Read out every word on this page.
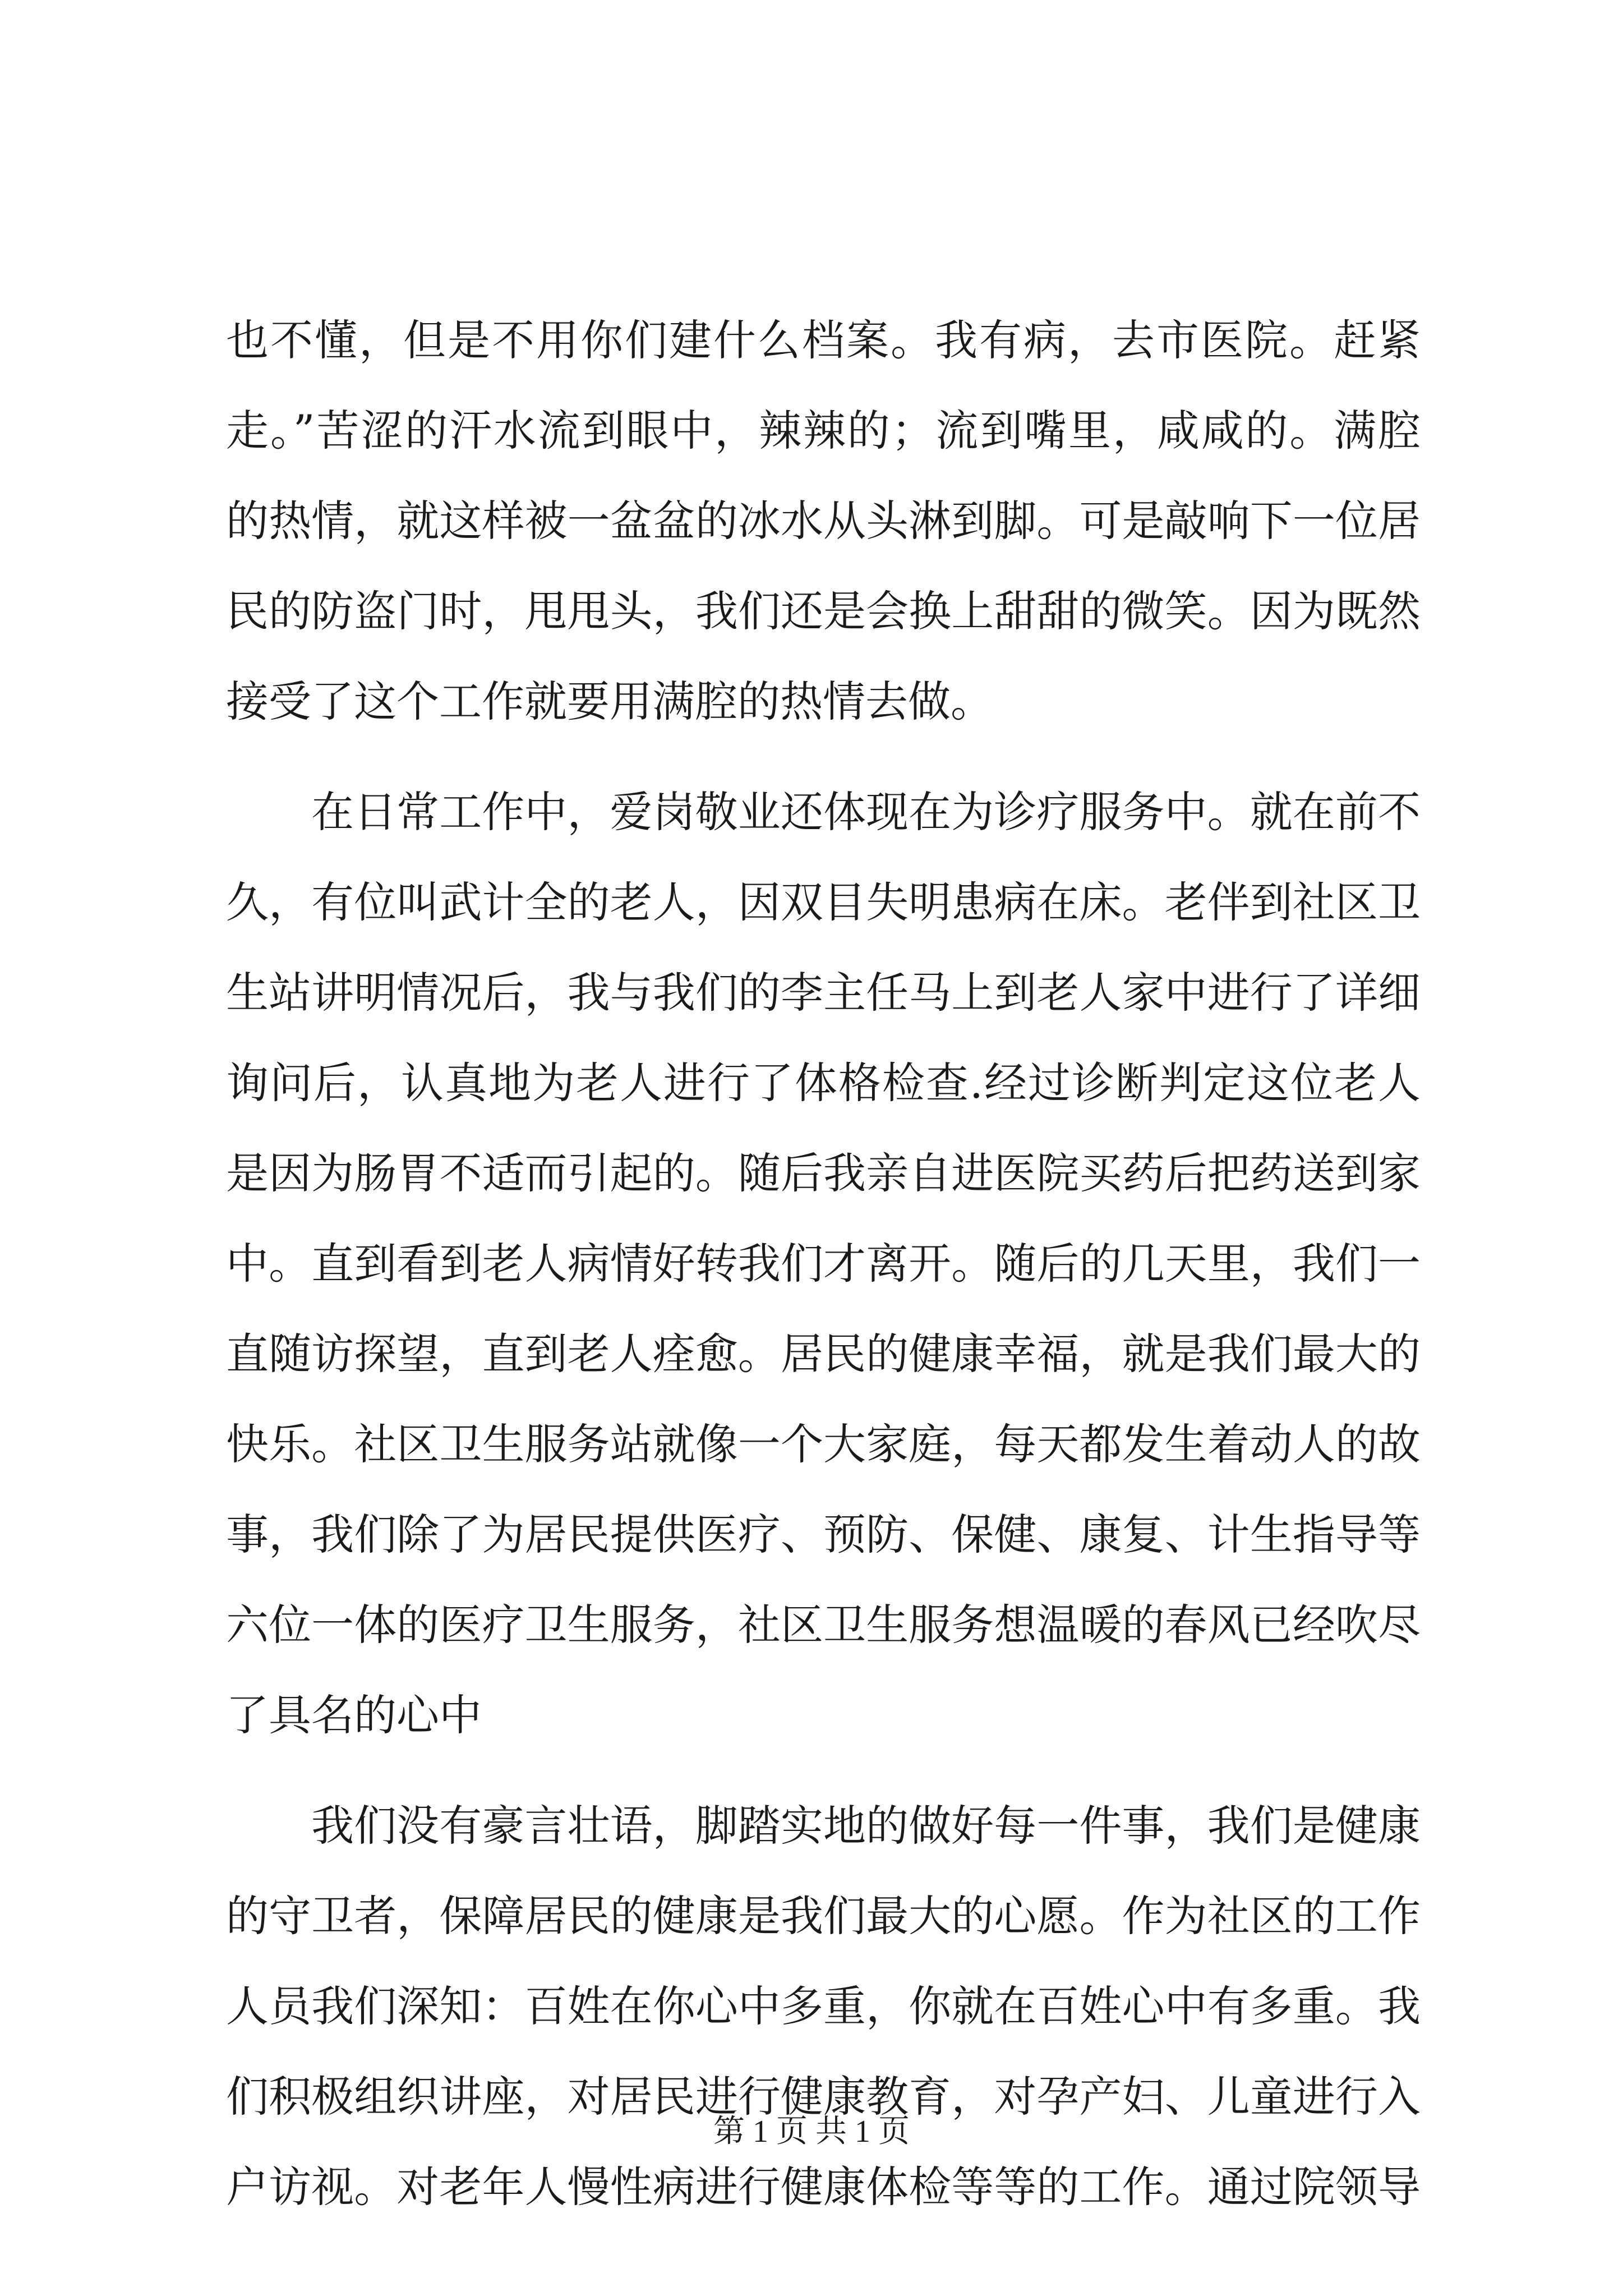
也不懂，但是不用你们建什么档案。我有病，去市医院。赶紧
走。”苦涩的汗水流到眼中，辣辣的；流到嘴里，咸咸的。满腔
的热情，就这样被一盆盆的冰水从头淋到脚。可是敲响下一位居
民的防盗门时，甩甩头，我们还是会换上甜甜的微笑。因为既然
接受了这个工作就要用满腔的热情去做。
在日常工作中，爱岗敬业还体现在为诊疗服务中。就在前不
久，有位叫武计全的老人，因双目失明患病在床。老伴到社区卫
生站讲明情况后，我与我们的李主任马上到老人家中进行了详细
询问后，认真地为老人进行了体格检查.经过诊断判定这位老人
是因为肠胃不适而引起的。随后我亲自进医院买药后把药送到家
中。直到看到老人病情好转我们才离开。随后的几天里，我们一
直随访探望，直到老人痊愈。居民的健康幸福，就是我们最大的
快乐。社区卫生服务站就像一个大家庭，每天都发生着动人的故
事，我们除了为居民提供医疗、预防、保健、康复、计生指导等
六位一体的医疗卫生服务，社区卫生服务想温暖的春风已经吹尽
了具名的心中
我们没有豪言壮语，脚踏实地的做好每一件事，我们是健康
的守卫者，保障居民的健康是我们最大的心愿。作为社区的工作
人员我们深知：百姓在你心中多重，你就在百姓心中有多重。我
们积极组织讲座，对居民进行健康教育，对孕产妇、儿童进行入
户访视。对老年人慢性病进行健康体检等等的工作。通过院领导
第 1 页 共 1 页
